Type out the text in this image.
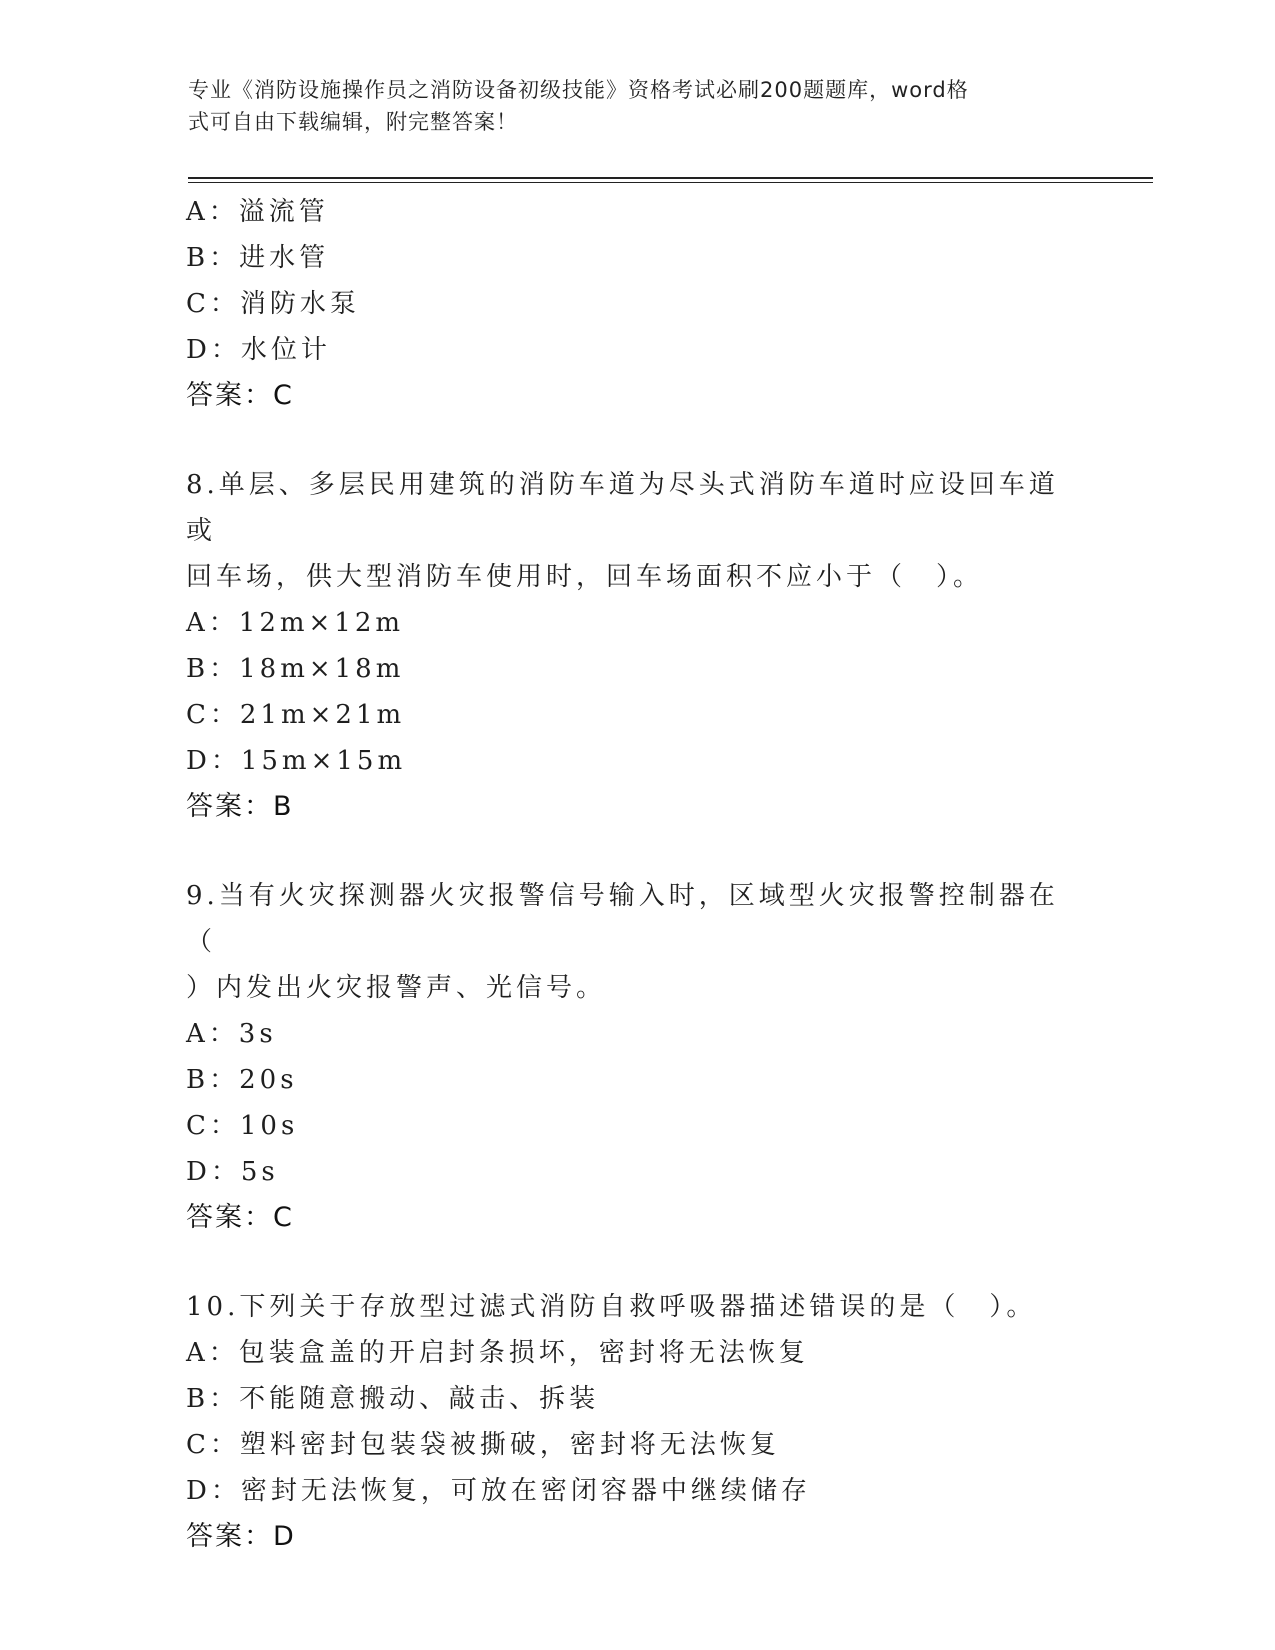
专业《消防设施操作员之消防设备初级技能》资格考试必刷200题题库，word格
式可自由下载编辑，附完整答案！
A：溢流管
B：进水管
C：消防水泵
D：水位计
答案：C
8.单层、多层民用建筑的消防车道为尽头式消防车道时应设回车道或
回车场，供大型消防车使用时，回车场面积不应小于（　）。
A：12m×12m
B：18m×18m
C：21m×21m
D：15m×15m
答案：B
9.当有火灾探测器火灾报警信号输入时，区域型火灾报警控制器在（
）内发出火灾报警声、光信号。
A：3s
B：20s
C：10s
D：5s
答案：C
10.下列关于存放型过滤式消防自救呼吸器描述错误的是（　）。
A：包装盒盖的开启封条损坏，密封将无法恢复
B：不能随意搬动、敲击、拆装
C：塑料密封包装袋被撕破，密封将无法恢复
D：密封无法恢复，可放在密闭容器中继续储存
答案：D
